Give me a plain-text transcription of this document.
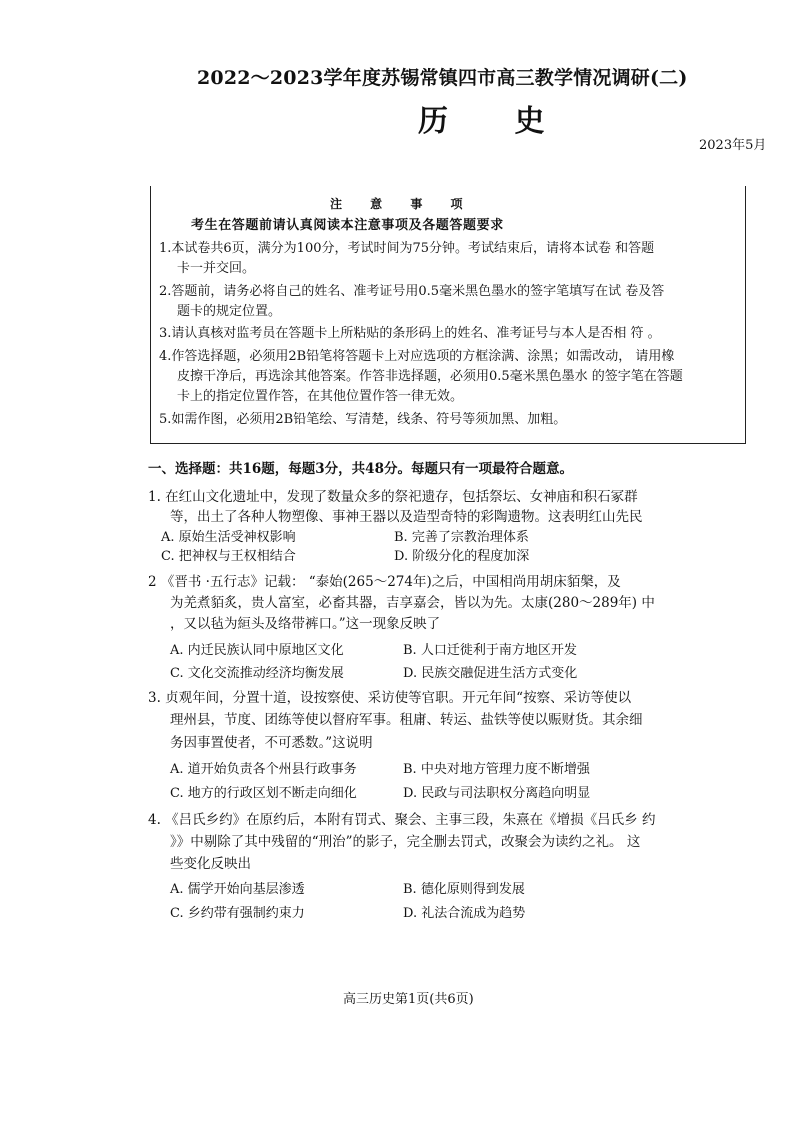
2022～2023学年度苏锡常镇四市高三教学情况调研(二)
历 史
2023年5月
注 意 事 项
考生在答题前请认真阅读本注意事项及各题答题要求
1.本试卷共6页，满分为100分，考试时间为75分钟。考试结束后，请将本试卷 和答题
卡一并交回。
2.答题前，请务必将自己的姓名、准考证号用0.5毫米黑色墨水的签字笔填写在试 卷及答
题卡的规定位置。
3.请认真核对监考员在答题卡上所粘贴的条形码上的姓名、准考证号与本人是否相 符 。
4.作答选择题，必须用2B铅笔将答题卡上对应选项的方框涂满、涂黑；如需改动， 请用橡
皮擦干净后，再选涂其他答案。作答非选择题，必须用0.5毫米黑色墨水 的签字笔在答题
卡上的指定位置作答，在其他位置作答一律无效。
5.如需作图，必须用2B铅笔绘、写清楚，线条、符号等须加黑、加粗。
一、选择题：共16题，每题3分，共48分。每题只有一项最符合题意。
1. 在红山文化遗址中，发现了数量众多的祭祀遗存，包括祭坛、女神庙和积石冢群
等，出土了各种人物塑像、事神王器以及造型奇特的彩陶遗物。这表明红山先民
A. 原始生活受神权影响	B. 完善了宗教治理体系
C. 把神权与王权相结合	D. 阶级分化的程度加深
2 《晋书 ·五行志》记载： “泰始(265～274年)之后，中国相尚用胡床貊槃，及
为羌煮貊炙，贵人富室，必畜其器，吉享嘉会，皆以为先。太康(280～289年) 中
，又以毡为絙头及络带裤口。”这一现象反映了
A. 内迁民族认同中原地区文化	B. 人口迁徙利于南方地区开发
C. 文化交流推动经济均衡发展	D. 民族交融促进生活方式变化
3. 贞观年间，分置十道，设按察使、采访使等官职。开元年间“按察、采访等使以
理州县，节度、团练等使以督府军事。租庸、转运、盐铁等使以赈财货。其余细
务因事置使者，不可悉数。”这说明
A. 道开始负责各个州县行政事务	B. 中央对地方管理力度不断增强
C. 地方的行政区划不断走向细化	D. 民政与司法职权分离趋向明显
4. 《吕氏乡约》在原约后，本附有罚式、聚会、主事三段，朱熹在《增损《吕氏乡 约
》》中剔除了其中残留的“刑治”的影子，完全删去罚式，改聚会为读约之礼。 这
些变化反映出
A. 儒学开始向基层渗透	B. 德化原则得到发展
C. 乡约带有强制约束力	D. 礼法合流成为趋势
高三历史第1页(共6页)
